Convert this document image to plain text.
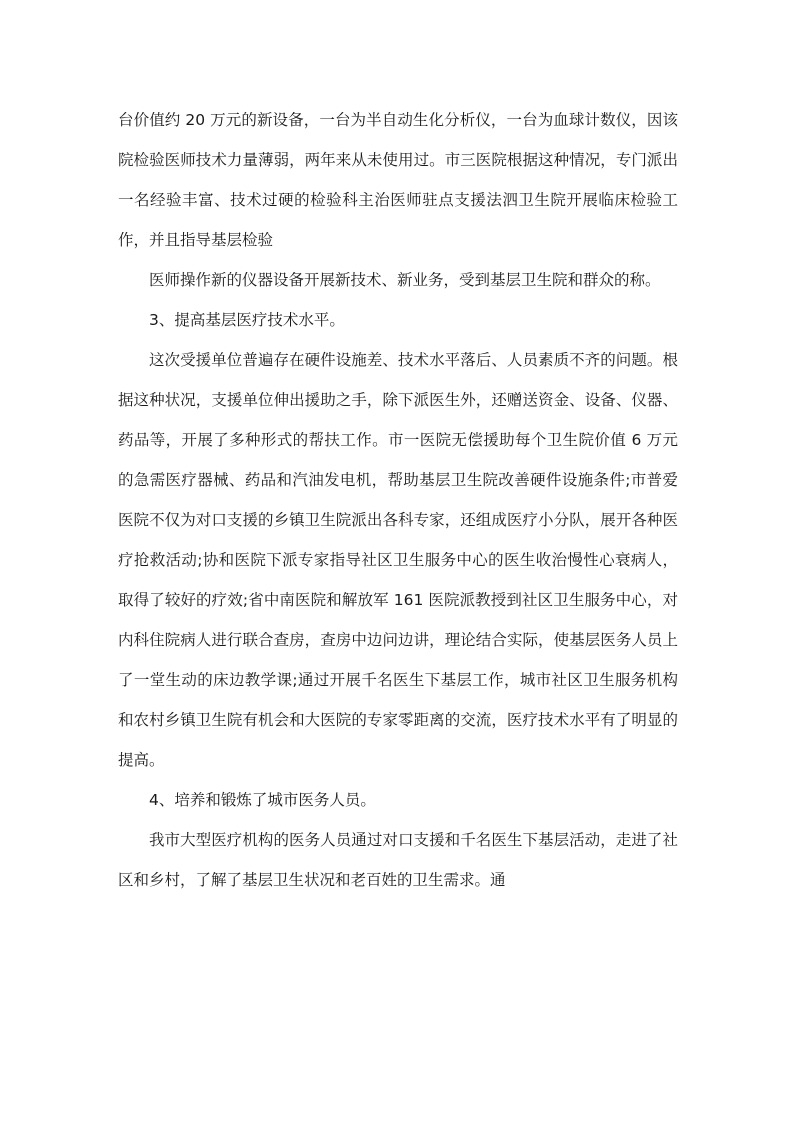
台价值约 20 万元的新设备，一台为半自动生化分析仪，一台为血球计数仪，因该院检验医师技术力量薄弱，两年来从未使用过。市三医院根据这种情况，专门派出一名经验丰富、技术过硬的检验科主治医师驻点支援法泗卫生院开展临床检验工作，并且指导基层检验

医师操作新的仪器设备开展新技术、新业务，受到基层卫生院和群众的称。

3、提高基层医疗技术水平。

这次受援单位普遍存在硬件设施差、技术水平落后、人员素质不齐的问题。根据这种状况，支援单位伸出援助之手，除下派医生外，还赠送资金、设备、仪器、药品等，开展了多种形式的帮扶工作。市一医院无偿援助每个卫生院价值 6 万元的急需医疗器械、药品和汽油发电机，帮助基层卫生院改善硬件设施条件;市普爱医院不仅为对口支援的乡镇卫生院派出各科专家，还组成医疗小分队，展开各种医疗抢救活动;协和医院下派专家指导社区卫生服务中心的医生收治慢性心衰病人，取得了较好的疗效;省中南医院和解放军 161 医院派教授到社区卫生服务中心，对内科住院病人进行联合查房，查房中边问边讲，理论结合实际，使基层医务人员上了一堂生动的床边教学课;通过开展千名医生下基层工作，城市社区卫生服务机构和农村乡镇卫生院有机会和大医院的专家零距离的交流，医疗技术水平有了明显的提高。

4、培养和锻炼了城市医务人员。

我市大型医疗机构的医务人员通过对口支援和千名医生下基层活动，走进了社区和乡村，了解了基层卫生状况和老百姓的卫生需求。通
